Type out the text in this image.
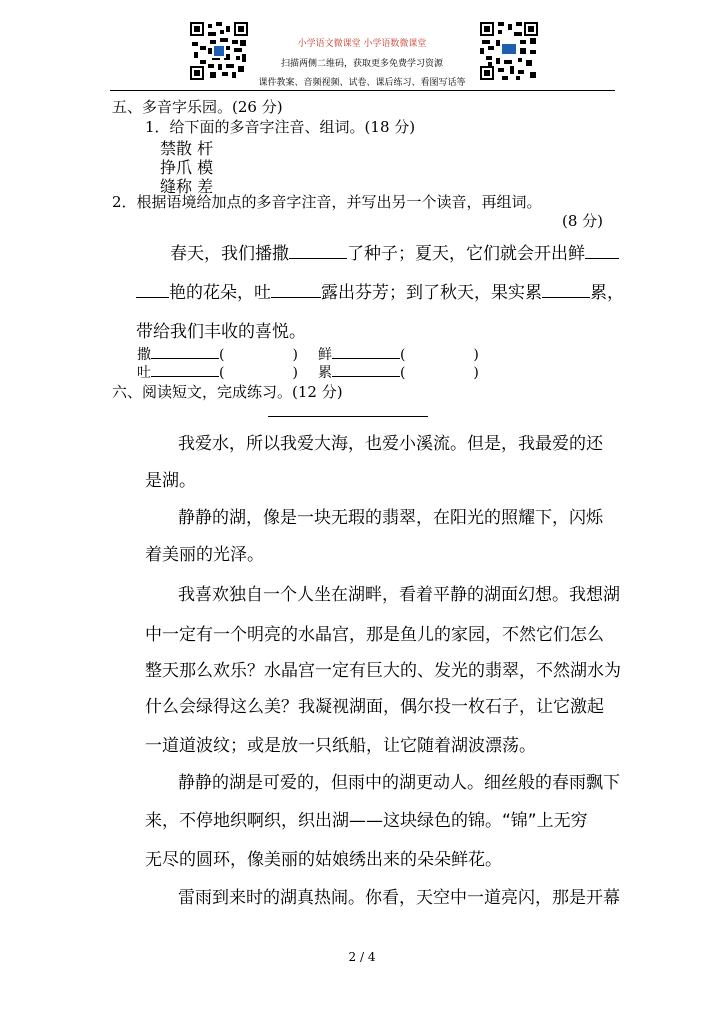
小学语文微课堂 小学语数微课堂
扫描两侧二维码，获取更多免费学习资源
课件教案、音频视频、试卷、课后练习、看图写话等
五、多音字乐园。(26 分)
1．给下面的多音字注音、组词。(18 分)
禁散 杆
挣爪 模
缝称 差
2．根据语境给加点的多音字注音，并写出另一个读音，再组词。
(8 分)
春天，我们播撒	了种子；夏天，它们就会开出鲜
艳的花朵，吐	露出芬芳；到了秋天，果实累	累，
带给我们丰收的喜悦。
撒	(	) 鲜	(	)
吐	(	) 累	(	)
六、阅读短文，完成练习。(12 分)
我爱水，所以我爱大海，也爱小溪流。但是，我最爱的还
是湖。
静静的湖，像是一块无瑕的翡翠，在阳光的照耀下，闪烁
着美丽的光泽。
我喜欢独自一个人坐在湖畔，看着平静的湖面幻想。我想湖
中一定有一个明亮的水晶宫，那是鱼儿的家园，不然它们怎么
整天那么欢乐？水晶宫一定有巨大的、发光的翡翠，不然湖水为
什么会绿得这么美？我凝视湖面，偶尔投一枚石子，让它激起
一道道波纹；或是放一只纸船，让它随着湖波漂荡。
静静的湖是可爱的，但雨中的湖更动人。细丝般的春雨飘下
来，不停地织啊织，织出湖——这块绿色的锦。“锦”上无穷
无尽的圆环，像美丽的姑娘绣出来的朵朵鲜花。
雷雨到来时的湖真热闹。你看，天空中一道亮闪，那是开幕
2 / 4
